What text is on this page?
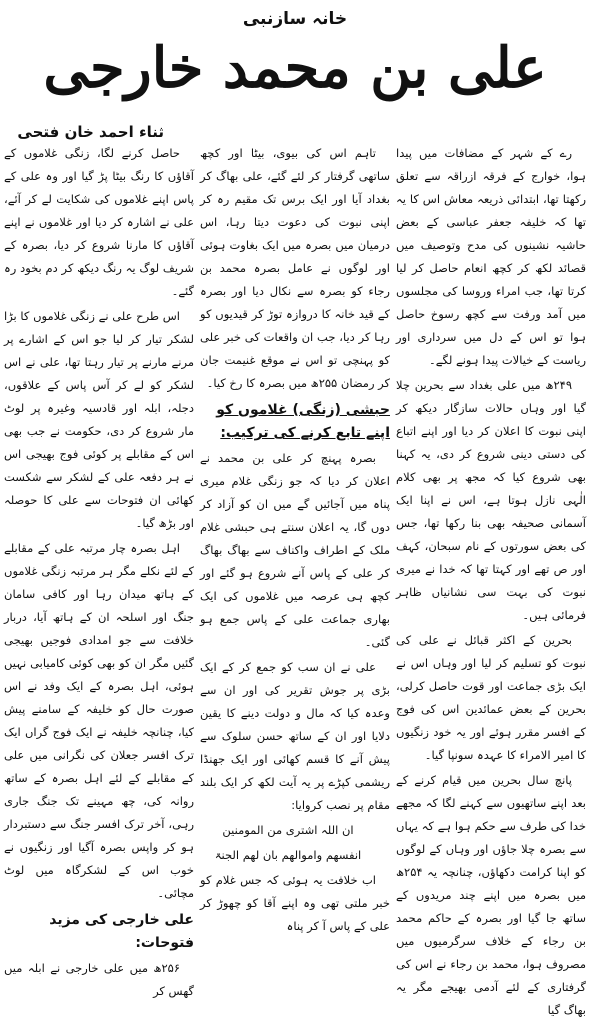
خانہ سازنبی
علی بن محمد خارجی
ثناء احمد خان فتحی

رے کے شہر کے مضافات میں پیدا ہوا، خوارج کے فرقہ ازراقہ سے تعلق رکھتا تھا، ابتدائی ذریعہ معاش اس کا یہ تھا کہ خلیفہ جعفر عباسی کے بعض حاشیہ نشینوں کی مدح وتوصیف میں قصائد لکھ کر کچھ انعام حاصل کر لیا کرتا تھا، جب امراء وروسا کی مجلسوں میں آمد ورفت سے کچھ رسوخ حاصل ہوا تو اس کے دل میں سرداری اور ریاست کے خیالات پیدا ہونے لگے۔

۲۴۹ھ میں علی بغداد سے بحرین چلا گیا اور وہاں حالات سازگار دیکھ کر اپنی نبوت کا اعلان کر دیا اور اپنے اتباع کی دستی دینی شروع کر دی، یہ کہنا بھی شروع کیا کہ مجھ پر بھی کلام الٰہی نازل ہوتا ہے، اس نے اپنا ایک آسمانی صحیفہ بھی بنا رکھا تھا، جس کی بعض سورتوں کے نام سبحان، کہف اور ص تھے اور کہتا تھا کہ خدا نے میری نبوت کی بہت سی نشانیاں ظاہر فرمائی ہیں۔

بحرین کے اکثر قبائل نے علی کی نبوت کو تسلیم کر لیا اور وہاں اس نے ایک بڑی جماعت اور قوت حاصل کرلی، بحرین کے بعض عمائدین اس کی فوج کے افسر مقرر ہوئے اور یہ خود زنگیوں کا امیر الامراء کا عہدہ سونپا گیا۔

پانچ سال بحرین میں قیام کرنے کے بعد اپنے ساتھیوں سے کہنے لگا کہ مجھے خدا کی طرف سے حکم ہوا ہے کہ یہاں سے بصرہ چلا جاؤں اور وہاں کے لوگوں کو اپنا کرامت دکھاؤں، چنانچہ یہ ۲۵۴ھ میں بصرہ میں اپنے چند مریدوں کے ساتھ جا گیا اور بصرہ کے حاکم محمد بن رجاء کے خلاف سرگرمیوں میں مصروف ہوا، محمد بن رجاء نے اس کی گرفتاری کے لئے آدمی بھیجے مگر یہ بھاگ گیا

تاہم اس کی بیوی، بیٹا اور کچھ ساتھی گرفتار کر لئے گئے، علی بھاگ کر بغداد آیا اور ایک برس تک مقیم رہ کر اپنی نبوت کی دعوت دیتا رہا، اس درمیان میں بصرہ میں ایک بغاوت ہوئی اور لوگوں نے عامل بصرہ محمد بن رجاء کو بصرہ سے نکال دیا اور بصرہ کے قید خانہ کا دروازہ توڑ کر قیدیوں کو رہا کر دیا، جب ان واقعات کی خبر علی کو پہنچی تو اس نے موقع غنیمت جان کر رمضان ۲۵۵ھ میں بصرہ کا رخ کیا۔

حبشی (زنگی) غلاموں کو اپنے تابع کرنے کی ترکیب:

بصرہ پہنچ کر علی بن محمد نے اعلان کر دیا کہ جو زنگی غلام میری پناہ میں آجائیں گے میں ان کو آزاد کر دوں گا، یہ اعلان سنتے ہی حبشی غلام ملک کے اطراف واکناف سے بھاگ بھاگ کر علی کے پاس آنے شروع ہو گئے اور کچھ ہی عرصہ میں غلاموں کی ایک بھاری جماعت علی کے پاس جمع ہو گئی۔

علی نے ان سب کو جمع کر کے ایک بڑی پر جوش تقریر کی اور ان سے وعدہ کیا کہ مال و دولت دینے کا یقین دلایا اور ان کے ساتھ حسن سلوک سے پیش آنے کا قسم کھائی اور ایک جھنڈا ریشمی کپڑے پر یہ آیت لکھ کر ایک بلند مقام پر نصب کروایا:

ان اللہ اشتری من المومنین

انفسھم واموالھم بان لھم الجنۃ

اب خلافت یہ ہوئی کہ جس غلام کو خبر ملتی تھی وہ اپنے آقا کو چھوڑ کر علی کے پاس آ کر پناہ

حاصل کرنے لگا، زنگی غلاموں کے آقاؤں کا رنگ بیٹا پڑ گیا اور وہ علی کے پاس اپنے غلاموں کی شکایت لے کر آئے، علی نے اشارہ کر دیا اور غلاموں نے اپنے آقاؤں کا مارنا شروع کر دیا، بصرہ کے شریف لوگ یہ رنگ دیکھ کر دم بخود رہ گئے۔

اس طرح علی نے زنگی غلاموں کا بڑا لشکر تیار کر لیا جو اس کے اشارے پر مرنے مارنے پر تیار رہتا تھا، علی نے اس لشکر کو لے کر آس پاس کے علاقوں، دجلہ، ابلہ اور قادسیہ وغیرہ پر لوٹ مار شروع کر دی، حکومت نے جب بھی اس کے مقابلے پر کوئی فوج بھیجی اس نے ہر دفعہ علی کے لشکر سے شکست کھائی ان فتوحات سے علی کا حوصلہ اور بڑھ گیا۔

اہل بصرہ چار مرتبہ علی کے مقابلے کے لئے نکلے مگر ہر مرتبہ زنگی غلاموں کے ہاتھ میدان رہا اور کافی سامان جنگ اور اسلحہ ان کے ہاتھ آیا، دربار خلافت سے جو امدادی فوجیں بھیجی گئیں مگر ان کو بھی کوئی کامیابی نہیں ہوئی، اہل بصرہ کے ایک وفد نے اس صورت حال کو خلیفہ کے سامنے پیش کیا، چنانچہ خلیفہ نے ایک فوج گراں ایک ترک افسر جعلان کی نگرانی میں علی کے مقابلے کے لئے اہل بصرہ کے ساتھ روانہ کی، چھ مہینے تک جنگ جاری رہی، آخر ترک افسر جنگ سے دستبردار ہو کر واپس بصرہ آگیا اور زنگیوں نے خوب اس کے لشکرگاہ میں لوٹ مچائی۔

علی خارجی کی مزید فتوحات:

۲۵۶ھ میں علی خارجی نے ابلہ میں گھس کر
